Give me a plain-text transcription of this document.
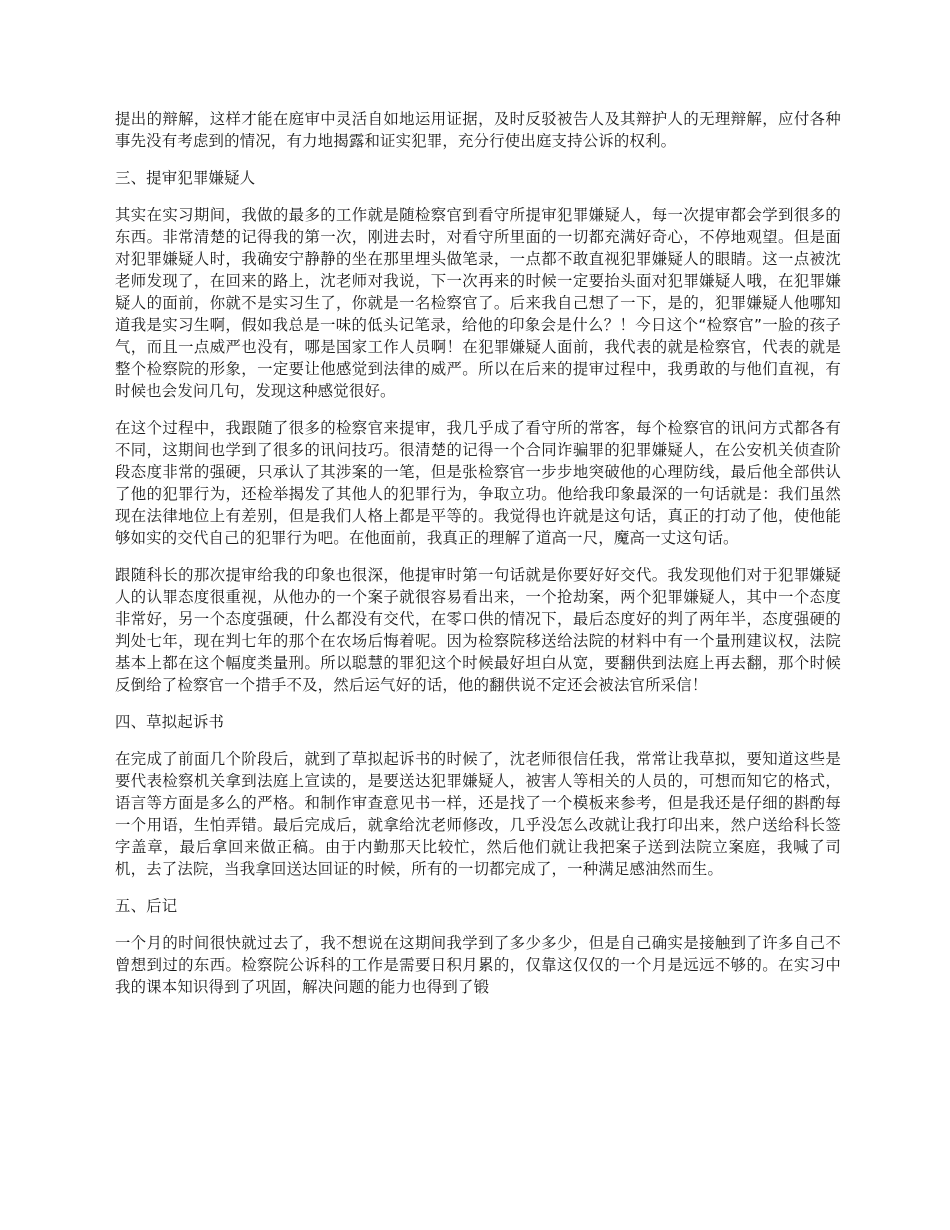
提出的辩解，这样才能在庭审中灵活自如地运用证据，及时反驳被告人及其辩护人的无理辩解，应付各种事先没有考虑到的情况，有力地揭露和证实犯罪，充分行使出庭支持公诉的权利。

三、提审犯罪嫌疑人

其实在实习期间，我做的最多的工作就是随检察官到看守所提审犯罪嫌疑人，每一次提审都会学到很多的东西。非常清楚的记得我的第一次，刚进去时，对看守所里面的一切都充满好奇心，不停地观望。但是面对犯罪嫌疑人时，我确安宁静静的坐在那里埋头做笔录，一点都不敢直视犯罪嫌疑人的眼睛。这一点被沈老师发现了，在回来的路上，沈老师对我说，下一次再来的时候一定要抬头面对犯罪嫌疑人哦，在犯罪嫌疑人的面前，你就不是实习生了，你就是一名检察官了。后来我自己想了一下，是的，犯罪嫌疑人他哪知道我是实习生啊，假如我总是一味的低头记笔录，给他的印象会是什么？！今日这个“检察官”一脸的孩子气，而且一点威严也没有，哪是国家工作人员啊！在犯罪嫌疑人面前，我代表的就是检察官，代表的就是整个检察院的形象，一定要让他感觉到法律的威严。所以在后来的提审过程中，我勇敢的与他们直视，有时候也会发问几句，发现这种感觉很好。

在这个过程中，我跟随了很多的检察官来提审，我几乎成了看守所的常客，每个检察官的讯问方式都各有不同，这期间也学到了很多的讯问技巧。很清楚的记得一个合同诈骗罪的犯罪嫌疑人，在公安机关侦查阶段态度非常的强硬，只承认了其涉案的一笔，但是张检察官一步步地突破他的心理防线，最后他全部供认了他的犯罪行为，还检举揭发了其他人的犯罪行为，争取立功。他给我印象最深的一句话就是：我们虽然现在法律地位上有差别，但是我们人格上都是平等的。我觉得也许就是这句话，真正的打动了他，使他能够如实的交代自己的犯罪行为吧。在他面前，我真正的理解了道高一尺，魔高一丈这句话。

跟随科长的那次提审给我的印象也很深，他提审时第一句话就是你要好好交代。我发现他们对于犯罪嫌疑人的认罪态度很重视，从他办的一个案子就很容易看出来，一个抢劫案，两个犯罪嫌疑人，其中一个态度非常好，另一个态度强硬，什么都没有交代，在零口供的情况下，最后态度好的判了两年半，态度强硬的判处七年，现在判七年的那个在农场后悔着呢。因为检察院移送给法院的材料中有一个量刑建议权，法院基本上都在这个幅度类量刑。所以聪慧的罪犯这个时候最好坦白从宽，要翻供到法庭上再去翻，那个时候反倒给了检察官一个措手不及，然后运气好的话，他的翻供说不定还会被法官所采信！

四、草拟起诉书

在完成了前面几个阶段后，就到了草拟起诉书的时候了，沈老师很信任我，常常让我草拟，要知道这些是要代表检察机关拿到法庭上宣读的，是要送达犯罪嫌疑人，被害人等相关的人员的，可想而知它的格式，语言等方面是多么的严格。和制作审查意见书一样，还是找了一个模板来参考，但是我还是仔细的斟酌每一个用语，生怕弄错。最后完成后，就拿给沈老师修改，几乎没怎么改就让我打印出来，然户送给科长签字盖章，最后拿回来做正稿。由于内勤那天比较忙，然后他们就让我把案子送到法院立案庭，我喊了司机，去了法院，当我拿回送达回证的时候，所有的一切都完成了，一种满足感油然而生。

五、后记

一个月的时间很快就过去了，我不想说在这期间我学到了多少多少，但是自己确实是接触到了许多自己不曾想到过的东西。检察院公诉科的工作是需要日积月累的，仅靠这仅仅的一个月是远远不够的。在实习中我的课本知识得到了巩固，解决问题的能力也得到了锻
